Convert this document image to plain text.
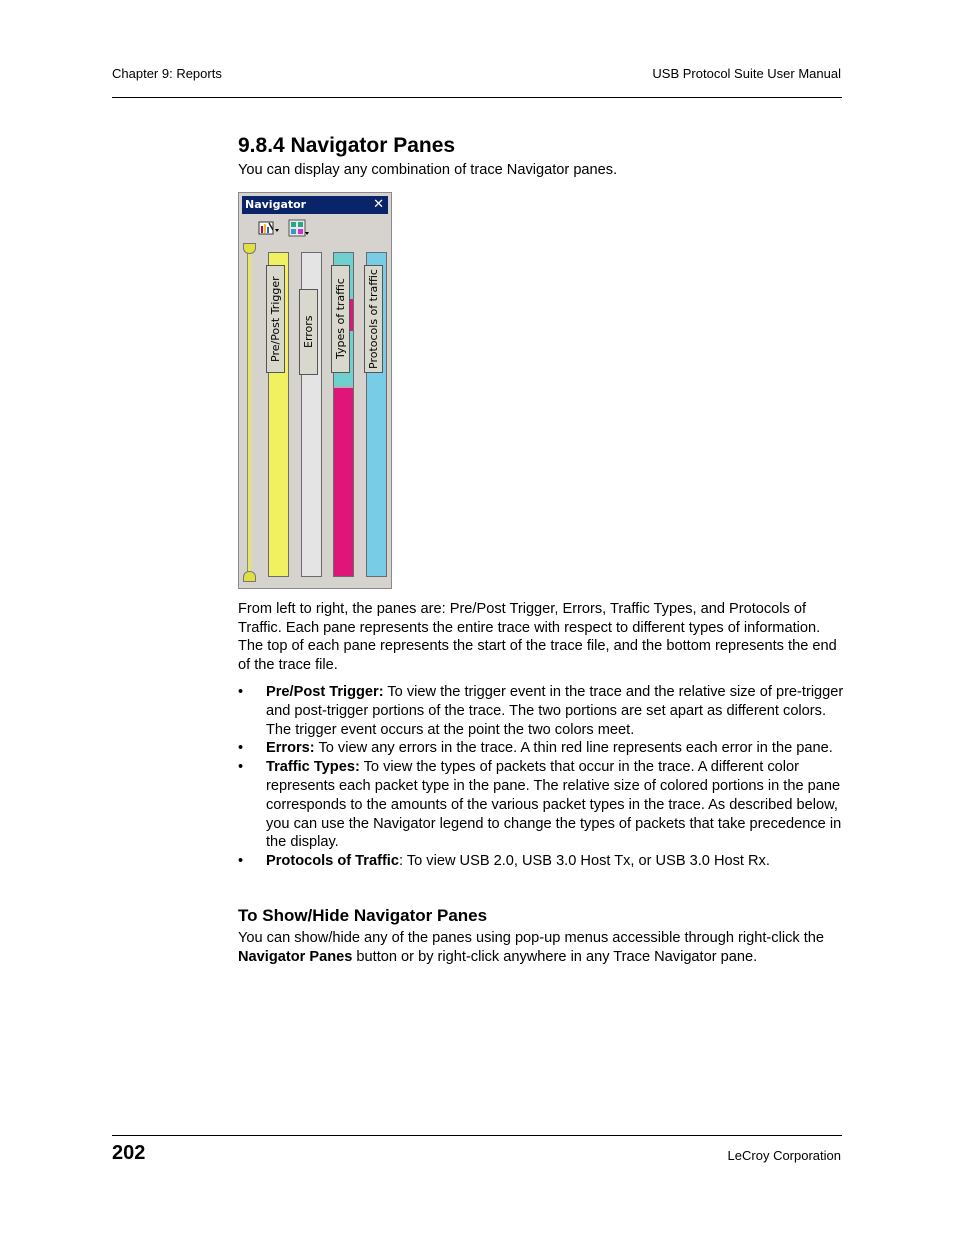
Chapter 9: Reports	USB Protocol Suite User Manual
9.8.4 Navigator Panes

You can display any combination of trace Navigator panes.

Navigator	✕
Pre/Post Trigger Errors Types of traffic Protocols of traffic

From left to right, the panes are: Pre/Post Trigger, Errors, Traffic Types, and Protocols of Traffic. Each pane represents the entire trace with respect to different types of information. The top of each pane represents the start of the trace file, and the bottom represents the end of the trace file.

• Pre/Post Trigger: To view the trigger event in the trace and the relative size of pre-trigger and post-trigger portions of the trace. The two portions are set apart as different colors. The trigger event occurs at the point the two colors meet.
• Errors: To view any errors in the trace. A thin red line represents each error in the pane.
• Traffic Types: To view the types of packets that occur in the trace. A different color represents each packet type in the pane. The relative size of colored portions in the pane corresponds to the amounts of the various packet types in the trace. As described below, you can use the Navigator legend to change the types of packets that take precedence in the display.
• Protocols of Traffic: To view USB 2.0, USB 3.0 Host Tx, or USB 3.0 Host Rx.
To Show/Hide Navigator Panes

You can show/hide any of the panes using pop-up menus accessible through right-click the Navigator Panes button or by right-click anywhere in any Trace Navigator pane.

202	LeCroy Corporation
